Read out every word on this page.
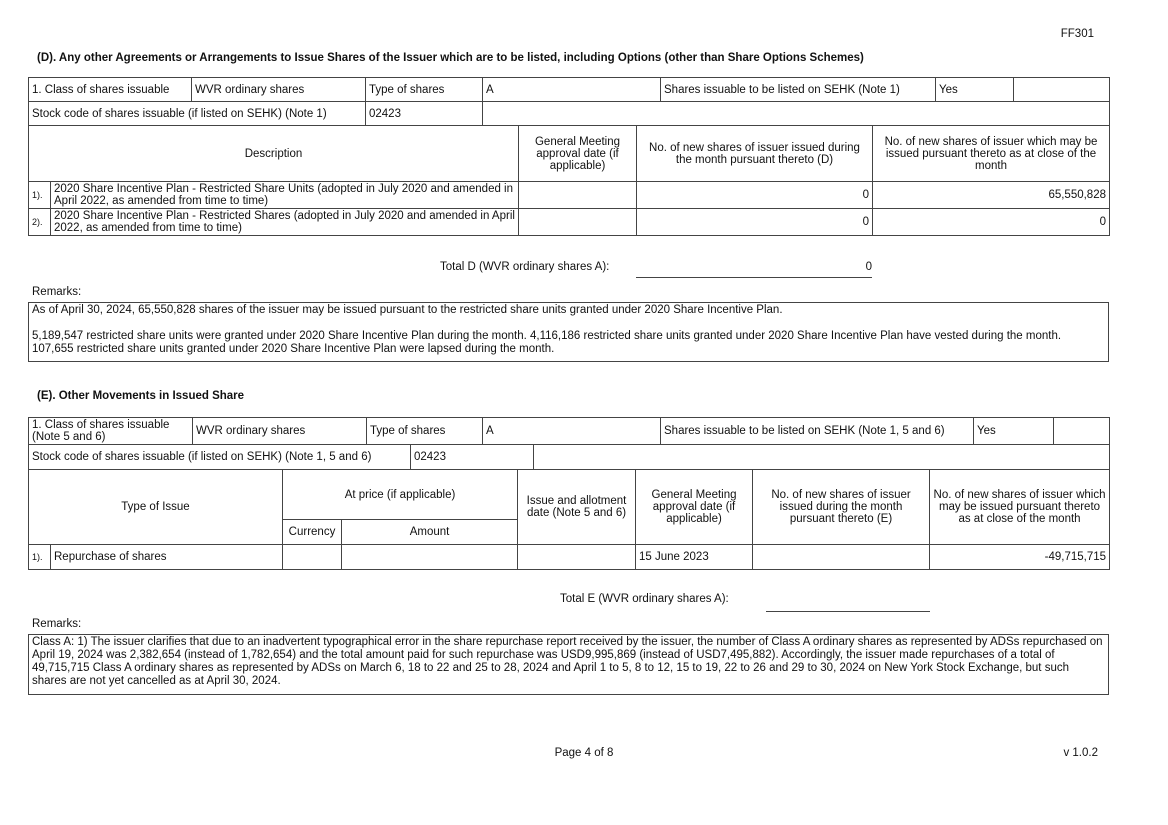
FF301
(D). Any other Agreements or Arrangements to Issue Shares of the Issuer which are to be listed, including Options (other than Share Options Schemes)
1. Class of shares issuable	WVR ordinary shares	Type of shares	A	Shares issuable to be listed on SEHK (Note 1)	Yes	
Stock code of shares issuable (if listed on SEHK) (Note 1)	02423	
Description		General Meeting approval date (if applicable)	No. of new shares of issuer issued during the month pursuant thereto (D)	No. of new shares of issuer which may be issued pursuant thereto as at close of the month
1).	2020 Share Incentive Plan - Restricted Share Units (adopted in July 2020 and amended in April 2022, as amended from time to time)		0	65,550,828
2).	2020 Share Incentive Plan - Restricted Shares (adopted in July 2020 and amended in April 2022, as amended from time to time)		0	0
Total D (WVR ordinary shares A):	0
Remarks:
As of April 30, 2024, 65,550,828 shares of the issuer may be issued pursuant to the restricted share units granted under 2020 Share Incentive Plan.
5,189,547 restricted share units were granted under 2020 Share Incentive Plan during the month. 4,116,186 restricted share units granted under 2020 Share Incentive Plan have vested during the month. 107,655 restricted share units granted under 2020 Share Incentive Plan were lapsed during the month.
(E). Other Movements in Issued Share
1. Class of shares issuable (Note 5 and 6)	WVR ordinary shares	Type of shares	A	Shares issuable to be listed on SEHK (Note 1, 5 and 6)	Yes	
Stock code of shares issuable (if listed on SEHK) (Note 1, 5 and 6)	02423	
Type of Issue		At price (if applicable)		Issue and allotment date (Note 5 and 6)	General Meeting approval date (if applicable)	No. of new shares of issuer issued during the month pursuant thereto (E)	No. of new shares of issuer which may be issued pursuant thereto as at close of the month
		Currency	Amount				
1).	Repurchase of shares				15 June 2023		-49,715,715
Total E (WVR ordinary shares A):
Remarks:
Class A: 1) The issuer clarifies that due to an inadvertent typographical error in the share repurchase report received by the issuer, the number of Class A ordinary shares as represented by ADSs repurchased on April 19, 2024 was 2,382,654 (instead of 1,782,654) and the total amount paid for such repurchase was USD9,995,869 (instead of USD7,495,882). Accordingly, the issuer made repurchases of a total of 49,715,715 Class A ordinary shares as represented by ADSs on March 6, 18 to 22 and 25 to 28, 2024 and April 1 to 5, 8 to 12, 15 to 19, 22 to 26 and 29 to 30, 2024 on New York Stock Exchange, but such shares are not yet cancelled as at April 30, 2024.
Page 4 of 8	v 1.0.2
